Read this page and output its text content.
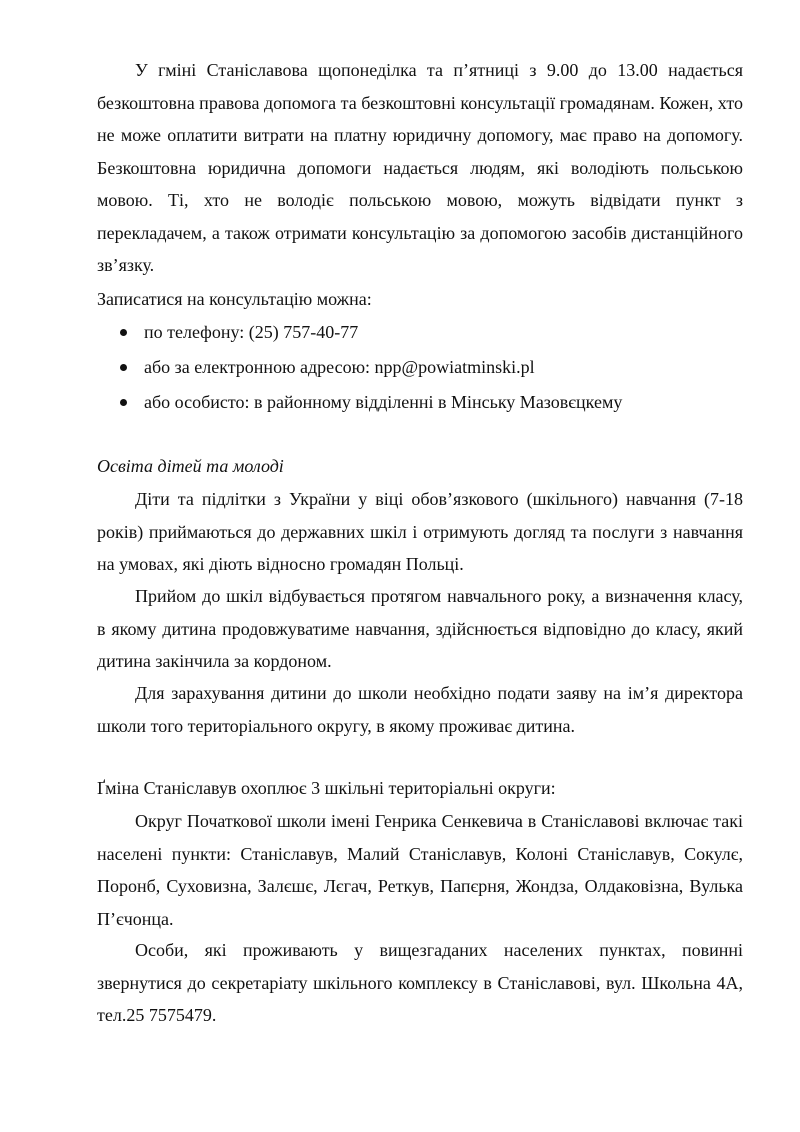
У гміні Станіславова щопонеділка та п’ятниці з 9.00 до 13.00 надається безкоштовна правова допомога та безкоштовні консультації громадянам. Кожен, хто не може оплатити витрати на платну юридичну допомогу, має право на допомогу. Безкоштовна юридична допомоги надається людям, які володіють польською мовою. Ті, хто не володіє польською мовою, можуть відвідати пункт з перекладачем, а також отримати консультацію за допомогою засобів дистанційного зв’язку.

Записатися на консультацію можна:

по телефону: (25) 757-40-77
або за електронною адресою: npp@powiatminski.pl
або особисто: в районному відділенні в Мінську Мазовєцкему

Освіта дітей та молоді

Діти та підлітки з України у віці обов’язкового (шкільного) навчання (7-18 років) приймаються до державних шкіл і отримують догляд та послуги з навчання на умовах, які діють відносно громадян Польці.

Прийом до шкіл відбувається протягом навчального року, а визначення класу, в якому дитина продовжуватиме навчання, здійснюється відповідно до класу, який дитина закінчила за кордоном.

Для зарахування дитини до школи необхідно подати заяву на ім’я директора школи того територіального округу, в якому проживає дитина.

Ґміна Станіславув охоплює 3 шкільні територіальні округи:

Округ Початкової школи імені Генрика Сенкевича в Станіславові включає такі населені пункти: Станіславув, Малий Станіславув, Колоні Станіславув, Сокулє, Поронб, Суховизна, Залєшє, Лєгач, Реткув, Папєрня, Жондза, Олдаковізна, Вулька П’єчонца.

Особи, які проживають у вищезгаданих населених пунктах, повинні звернутися до секретаріату шкільного комплексу в Станіславові, вул. Школьна 4А, тел.25 7575479.
